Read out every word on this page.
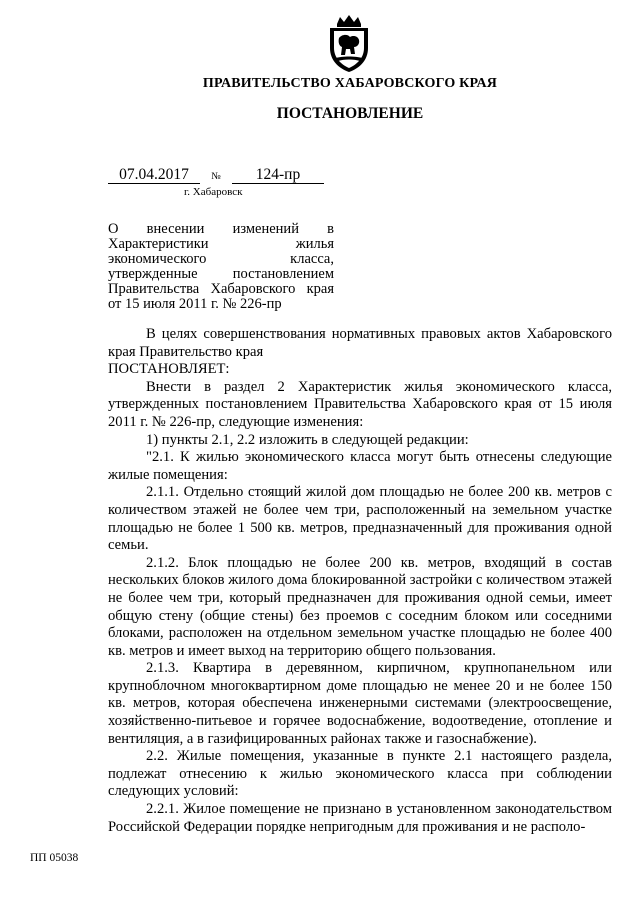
ПРАВИТЕЛЬСТВО ХАБАРОВСКОГО КРАЯ
ПОСТАНОВЛЕНИЕ
07.04.2017 № 124-пр
г. Хабаровск
О внесении изменений в Характеристики жилья экономического класса, утвержденные постановлением Правительства Хабаровского края от 15 июля 2011 г. № 226-пр

В целях совершенствования нормативных правовых актов Хабаровского края Правительство края

ПОСТАНОВЛЯЕТ:

Внести в раздел 2 Характеристик жилья экономического класса, утвержденных постановлением Правительства Хабаровского края от 15 июля 2011 г. № 226-пр, следующие изменения:

1) пункты 2.1, 2.2 изложить в следующей редакции:

"2.1. К жилью экономического класса могут быть отнесены следующие жилые помещения:

2.1.1. Отдельно стоящий жилой дом площадью не более 200 кв. метров с количеством этажей не более чем три, расположенный на земельном участке площадью не более 1 500 кв. метров, предназначенный для проживания одной семьи.

2.1.2. Блок площадью не более 200 кв. метров, входящий в состав нескольких блоков жилого дома блокированной застройки с количеством этажей не более чем три, который предназначен для проживания одной семьи, имеет общую стену (общие стены) без проемов с соседним блоком или соседними блоками, расположен на отдельном земельном участке площадью не более 400 кв. метров и имеет выход на территорию общего пользования.

2.1.3. Квартира в деревянном, кирпичном, крупнопанельном или крупноблочном многоквартирном доме площадью не менее 20 и не более 150 кв. метров, которая обеспечена инженерными системами (электроосвещение, хозяйственно-питьевое и горячее водоснабжение, водоотведение, отопление и вентиляция, а в газифицированных районах также и газоснабжение).

2.2. Жилые помещения, указанные в пункте 2.1 настоящего раздела, подлежат отнесению к жилью экономического класса при соблюдении следующих условий:

2.2.1. Жилое помещение не признано в установленном законодательством Российской Федерации порядке непригодным для проживания и не располо-

ПП 05038
